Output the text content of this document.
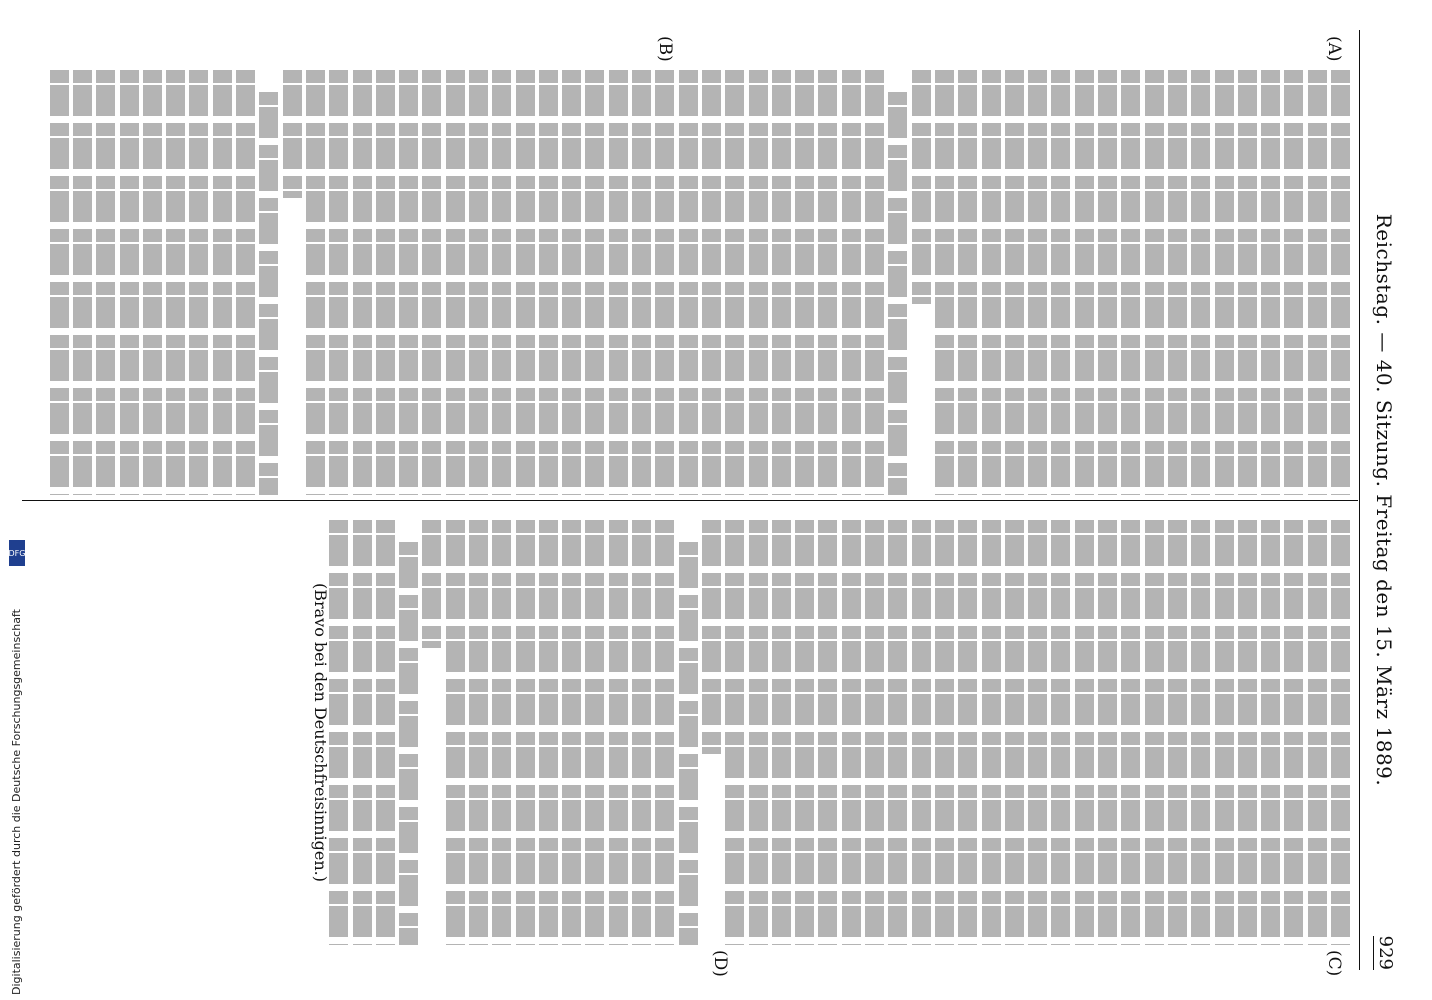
Reichstag. — 40. Sitzung. Freitag den 15. März 1889.
929
(A)
(B)
(C)
(D)
(Bravo bei den Deutschfreisinnigen.)
Digitalisierung gefördert durch die Deutsche Forschungsgemeinschaft
DFG
